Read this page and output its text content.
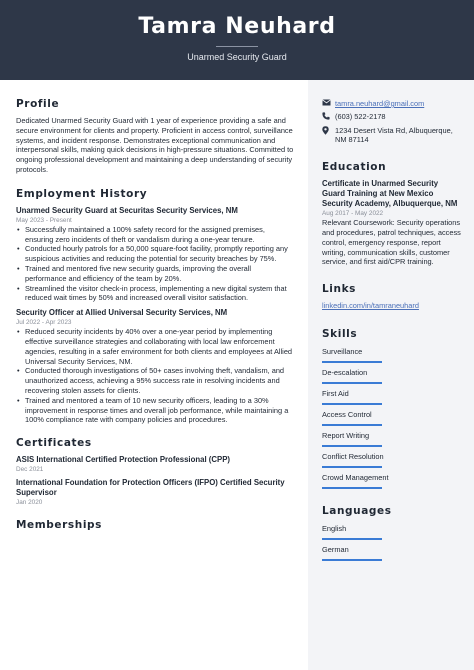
Tamra Neuhard
Unarmed Security Guard
Profile
Dedicated Unarmed Security Guard with 1 year of experience providing a safe and secure environment for clients and property. Proficient in access control, surveillance systems, and incident response. Demonstrates exceptional communication and interpersonal skills, making quick decisions in high-pressure situations. Committed to ongoing professional development and maintaining a deep understanding of security protocols.
Employment History
Unarmed Security Guard at Securitas Security Services, NM
May 2023 - Present
• Successfully maintained a 100% safety record for the assigned premises, ensuring zero incidents of theft or vandalism during a one-year tenure.
• Conducted hourly patrols for a 50,000 square-foot facility, promptly reporting any suspicious activities and reducing the potential for security breaches by 75%.
• Trained and mentored five new security guards, improving the overall performance and efficiency of the team by 20%.
• Streamlined the visitor check-in process, implementing a new digital system that reduced wait times by 50% and increased overall visitor satisfaction.
Security Officer at Allied Universal Security Services, NM
Jul 2022 - Apr 2023
• Reduced security incidents by 40% over a one-year period by implementing effective surveillance strategies and collaborating with local law enforcement agencies, resulting in a safer environment for both clients and employees at Allied Universal Security Services, NM.
• Conducted thorough investigations of 50+ cases involving theft, vandalism, and unauthorized access, achieving a 95% success rate in resolving incidents and recovering stolen assets for clients.
• Trained and mentored a team of 10 new security officers, leading to a 30% improvement in response times and overall job performance, while maintaining a 100% compliance rate with company policies and procedures.
Certificates
ASIS International Certified Protection Professional (CPP)
Dec 2021
International Foundation for Protection Officers (IFPO) Certified Security Supervisor
Jan 2020
Memberships
tamra.neuhard@gmail.com
(603) 522-2178
1234 Desert Vista Rd, Albuquerque, NM 87114
Education
Certificate in Unarmed Security Guard Training at New Mexico Security Academy, Albuquerque, NM
Aug 2017 - May 2022
Relevant Coursework: Security operations and procedures, patrol techniques, access control, emergency response, report writing, communication skills, customer service, and first aid/CPR training.
Links
linkedin.com/in/tamraneuhard
Skills
Surveillance
De-escalation
First Aid
Access Control
Report Writing
Conflict Resolution
Crowd Management
Languages
English
German
